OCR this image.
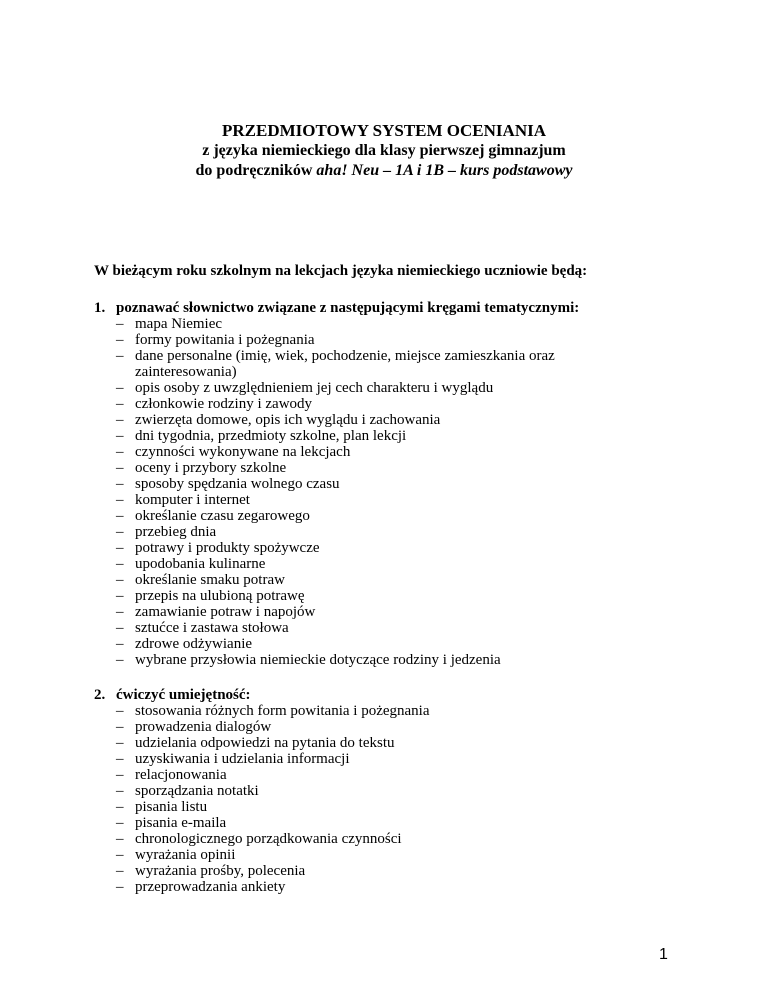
PRZEDMIOTOWY SYSTEM OCENIANIA
z języka niemieckiego dla klasy pierwszej gimnazjum
do podręczników aha! Neu – 1A i 1B – kurs podstawowy
W bieżącym roku szkolnym na lekcjach języka niemieckiego uczniowie będą:
1. poznawać słownictwo związane z następującymi kręgami tematycznymi:
– mapa Niemiec
– formy powitania i pożegnania
– dane personalne (imię, wiek, pochodzenie, miejsce zamieszkania oraz zainteresowania)
– opis osoby z uwzględnieniem jej cech charakteru i wyglądu
– członkowie rodziny i zawody
– zwierzęta domowe, opis ich wyglądu i zachowania
– dni tygodnia, przedmioty szkolne, plan lekcji
– czynności wykonywane na lekcjach
– oceny i przybory szkolne
– sposoby spędzania wolnego czasu
– komputer i internet
– określanie czasu zegarowego
– przebieg dnia
– potrawy i produkty spożywcze
– upodobania kulinarne
– określanie smaku potraw
– przepis na ulubioną potrawę
– zamawianie potraw i napojów
– sztućce i zastawa stołowa
– zdrowe odżywianie
– wybrane przysłowia niemieckie dotyczące rodziny i jedzenia
2. ćwiczyć umiejętność:
– stosowania różnych form powitania i pożegnania
– prowadzenia dialogów
– udzielania odpowiedzi na pytania do tekstu
– uzyskiwania i udzielania informacji
– relacjonowania
– sporządzania notatki
– pisania listu
– pisania e-maila
– chronologicznego porządkowania czynności
– wyrażania opinii
– wyrażania prośby, polecenia
– przeprowadzania ankiety
1
